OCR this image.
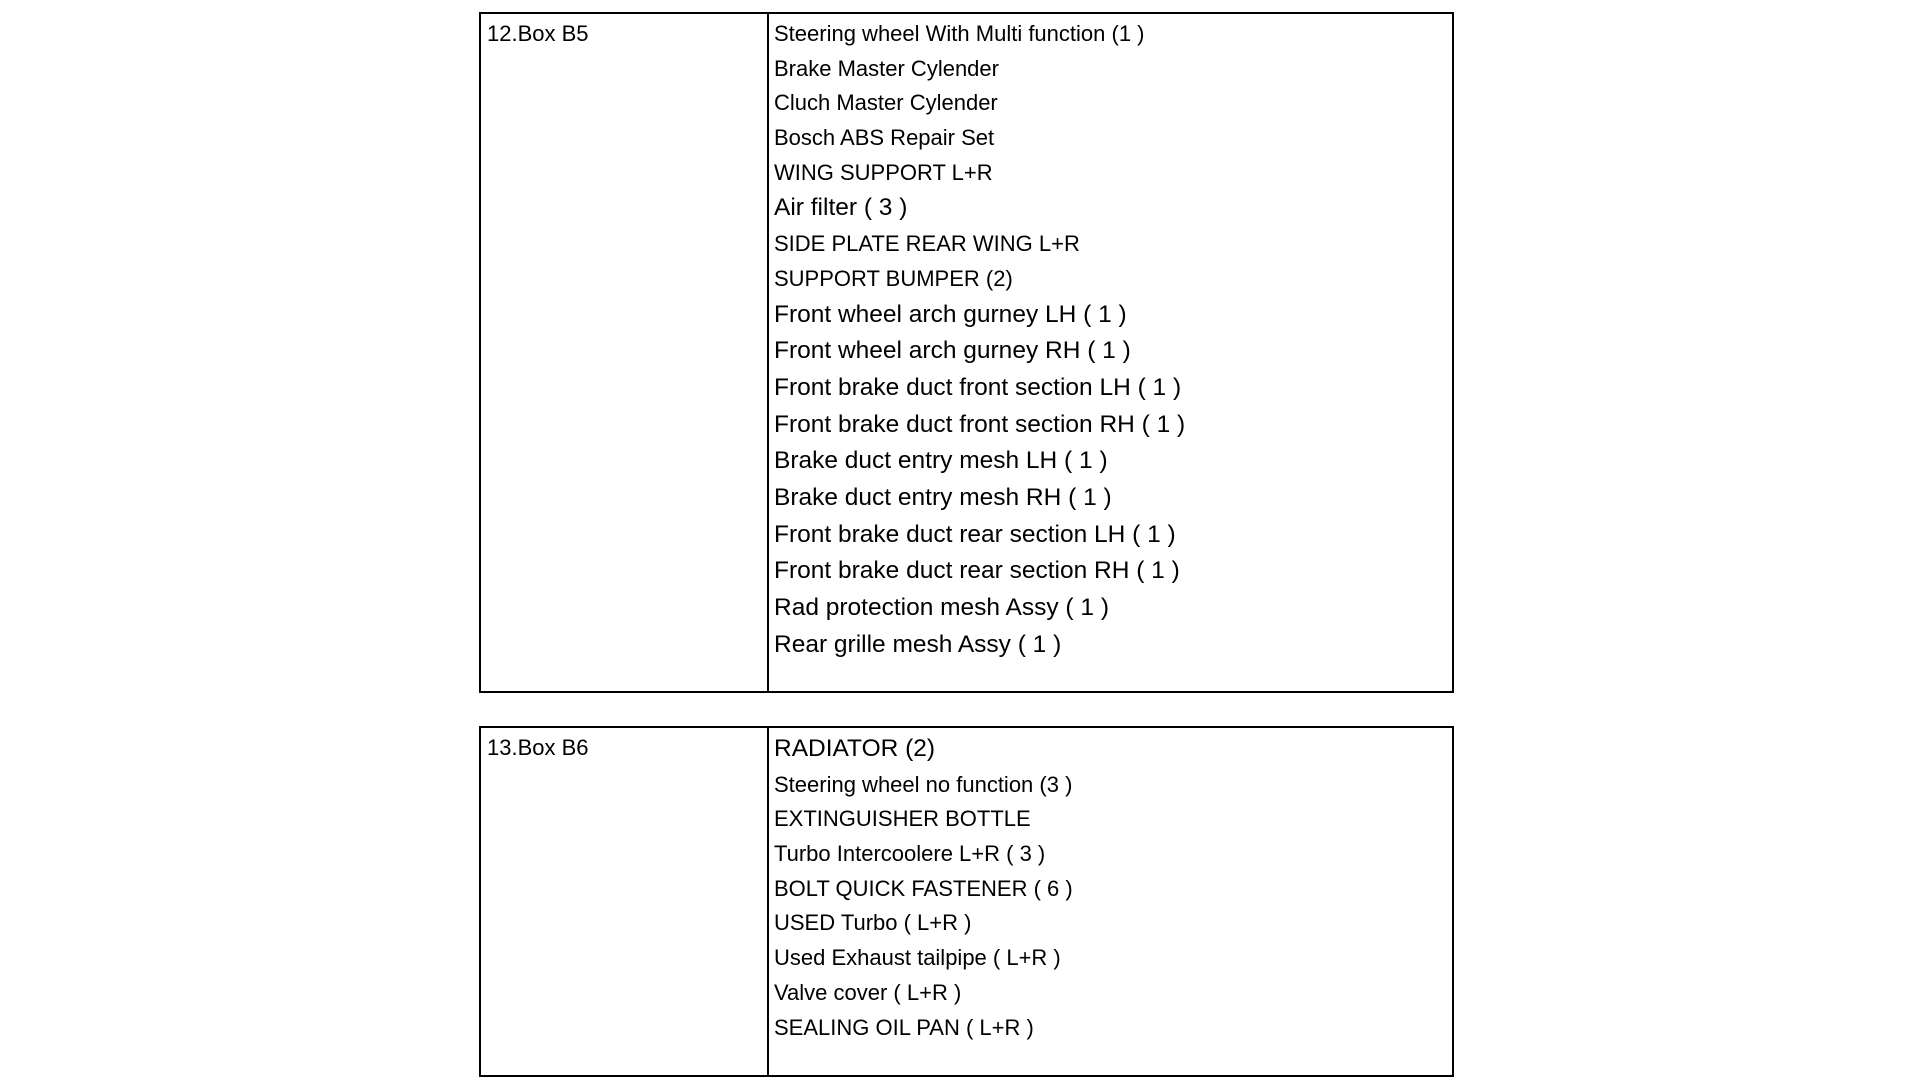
12.Box B5	Steering wheel With Multi function (1 )
Brake Master Cylender
Cluch Master Cylender
Bosch ABS Repair Set
WING SUPPORT L+R
Air filter ( 3 )
SIDE PLATE REAR WING L+R
SUPPORT BUMPER (2)
Front wheel arch gurney LH ( 1 )
Front wheel arch gurney RH ( 1 )
Front brake duct front section LH ( 1 )
Front brake duct front section RH ( 1 )
Brake duct entry mesh LH ( 1 )
Brake duct entry mesh RH ( 1 )
Front brake duct rear section LH ( 1 )
Front brake duct rear section RH ( 1 )
Rad protection mesh Assy ( 1 )
Rear grille mesh Assy ( 1 )
13.Box B6	RADIATOR (2)
Steering wheel no function (3 )
EXTINGUISHER BOTTLE
Turbo Intercoolere L+R ( 3 )
BOLT QUICK FASTENER ( 6 )
USED Turbo ( L+R )
Used Exhaust tailpipe ( L+R )
Valve cover ( L+R )
SEALING OIL PAN ( L+R )
